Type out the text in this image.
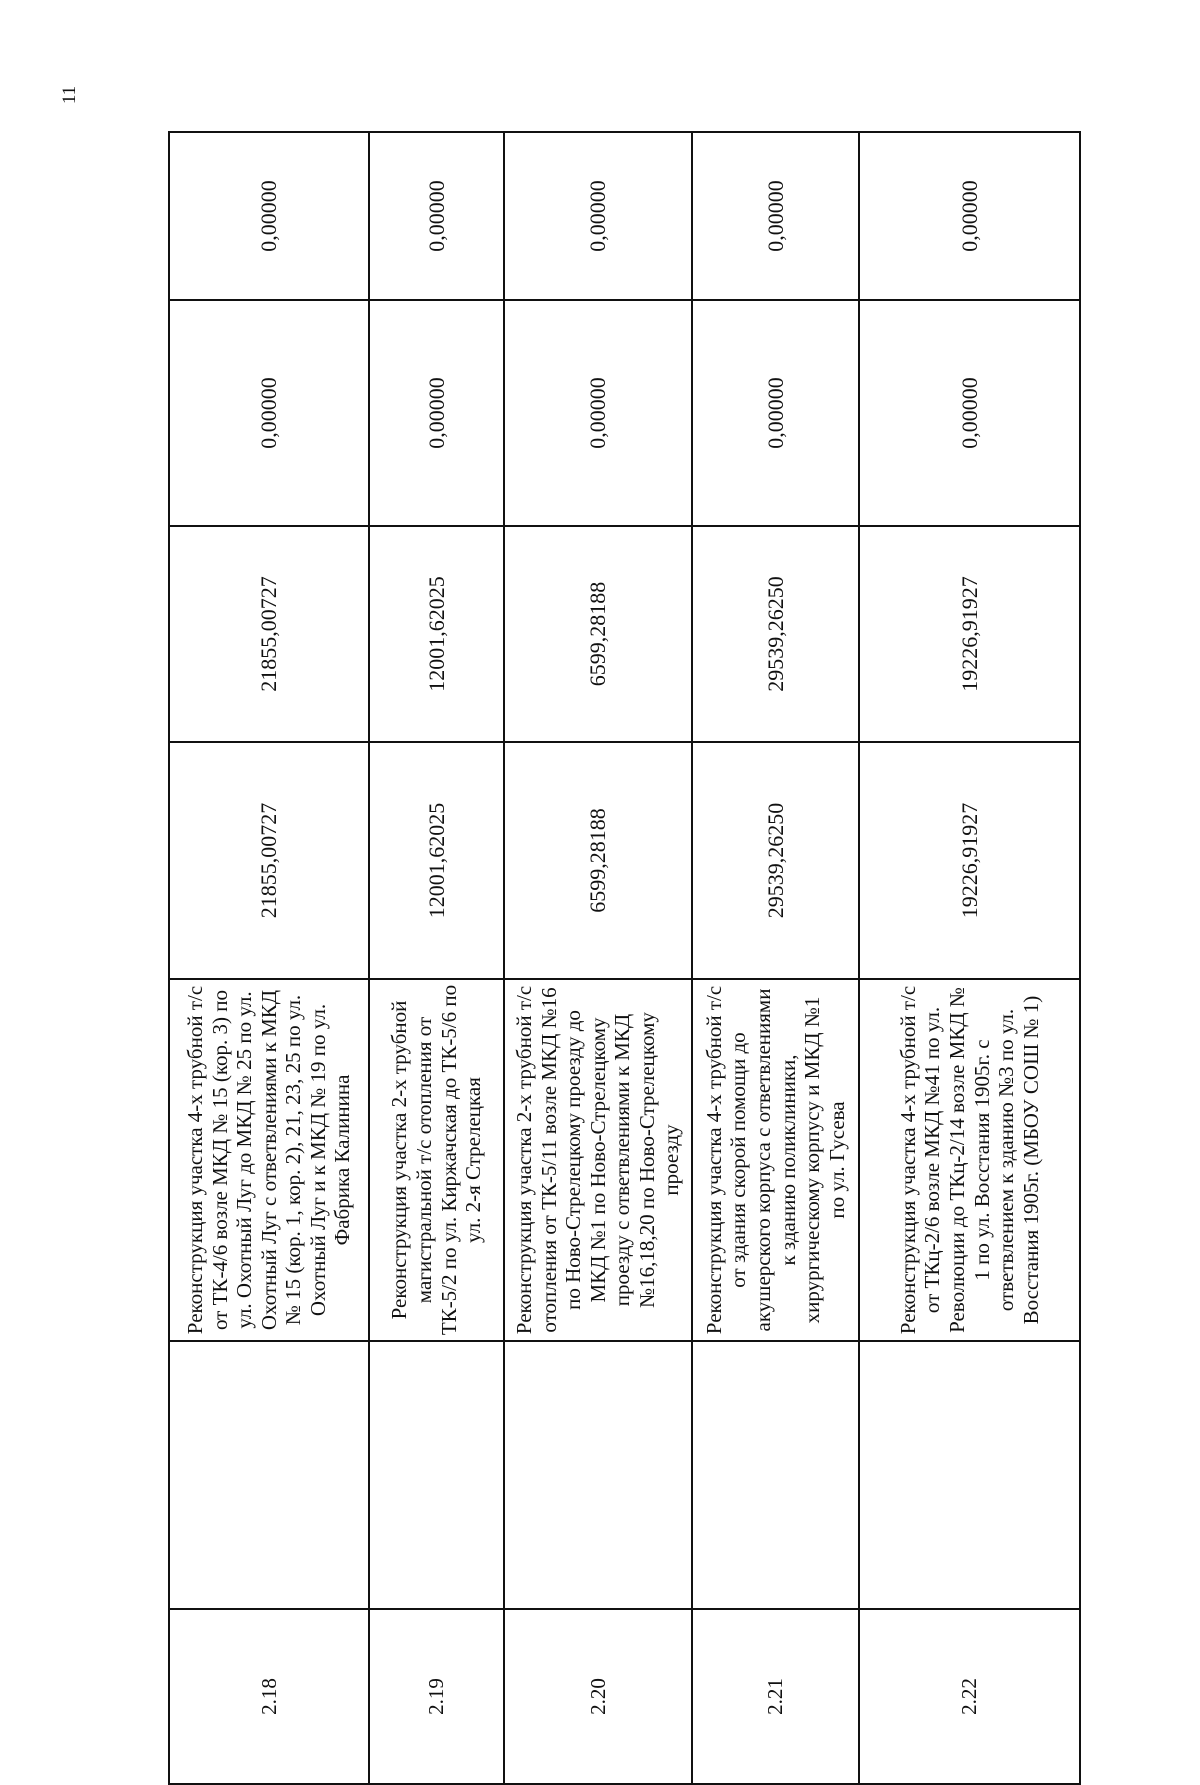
11
2.18		Реконструкция участка 4-х трубной т/с от ТК-4/6 возле МКД № 15 (кор. 3) по ул. Охотный Луг до МКД № 25 по ул. Охотный Луг с ответвлениями к МКД № 15 (кор. 1, кор. 2), 21, 23, 25 по ул. Охотный Луг и к МКД № 19 по ул. Фабрика Калинина	21855,00727	21855,00727	0,00000	0,00000
2.19		Реконструкция участка 2-х трубной магистральной т/с отопления от ТК-5/2 по ул. Киржачская до ТК-5/6 по ул. 2-я Стрелецкая	12001,62025	12001,62025	0,00000	0,00000
2.20		Реконструкция участка 2-х трубной т/с отопления от ТК-5/11 возле МКД №16 по Ново-Стрелецкому проезду до МКД №1 по Ново-Стрелецкому проезду с ответвлениями к МКД №16,18,20 по Ново-Стрелецкому проезду	6599,28188	6599,28188	0,00000	0,00000
2.21		Реконструкция участка 4-х трубной т/с от здания скорой помощи до акушерского корпуса с ответвлениями к зданию поликлиники, хирургическому корпусу и МКД №1 по ул. Гусева	29539,26250	29539,26250	0,00000	0,00000
2.22		Реконструкция участка 4-х трубной т/с от ТКц-2/6 возле МКД №41 по ул. Революции до ТКц-2/14 возле МКД № 1 по ул. Восстания 1905г. с ответвлением к зданию №3 по ул. Восстания 1905г. (МБОУ СОШ № 1)	19226,91927	19226,91927	0,00000	0,00000
